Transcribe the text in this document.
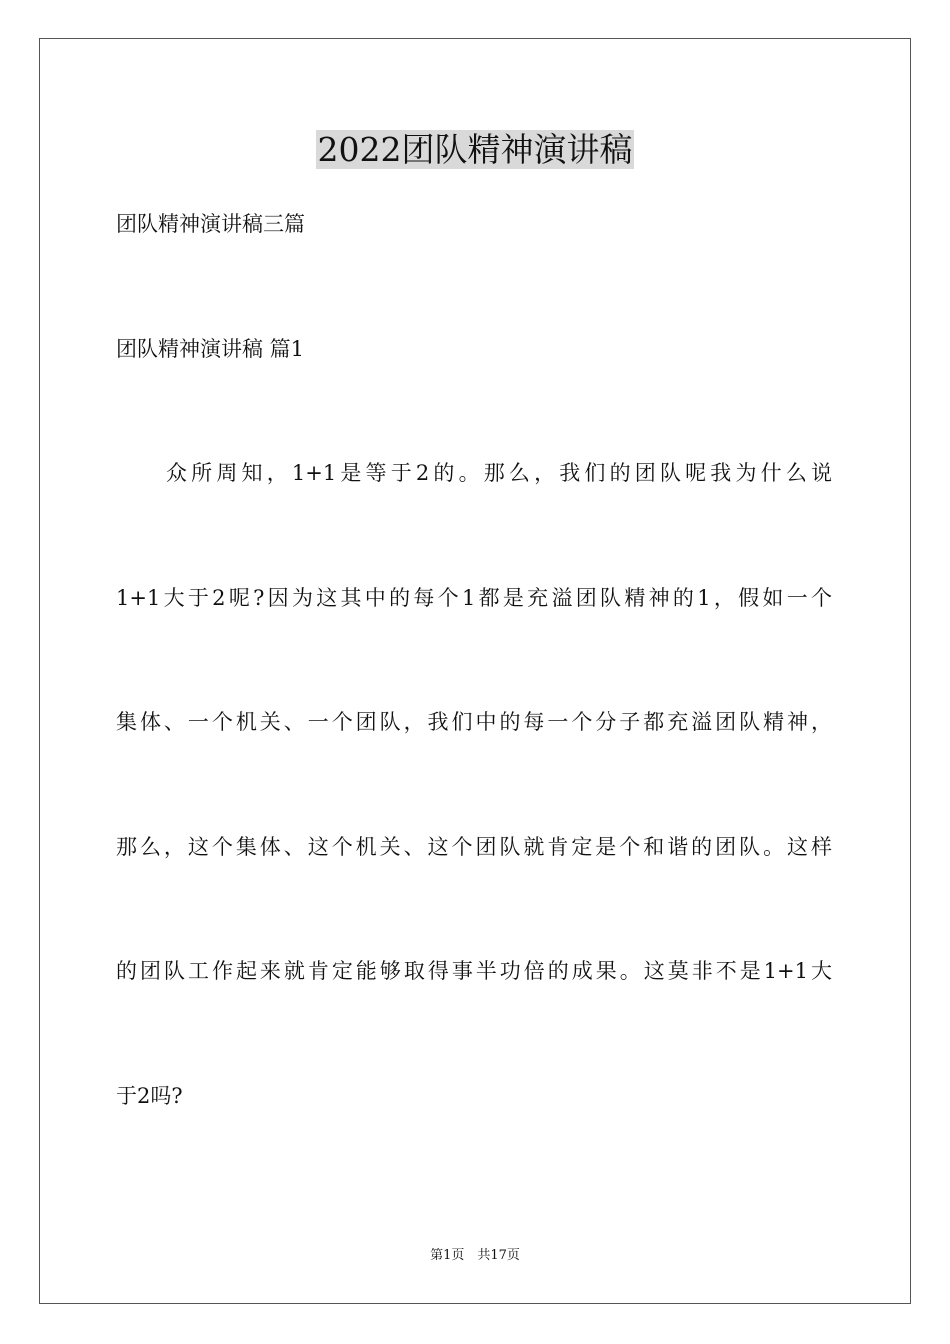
2022团队精神演讲稿

团队精神演讲稿三篇

团队精神演讲稿 篇1

众所周知，1+1是等于2的。那么，我们的团队呢我为什么说

1+1大于2呢?因为这其中的每个1都是充溢团队精神的1，假如一个

集体、一个机关、一个团队，我们中的每一个分子都充溢团队精神，

那么，这个集体、这个机关、这个团队就肯定是个和谐的团队。这样

的团队工作起来就肯定能够取得事半功倍的成果。这莫非不是1+1大

于2吗?

第1页　共17页
